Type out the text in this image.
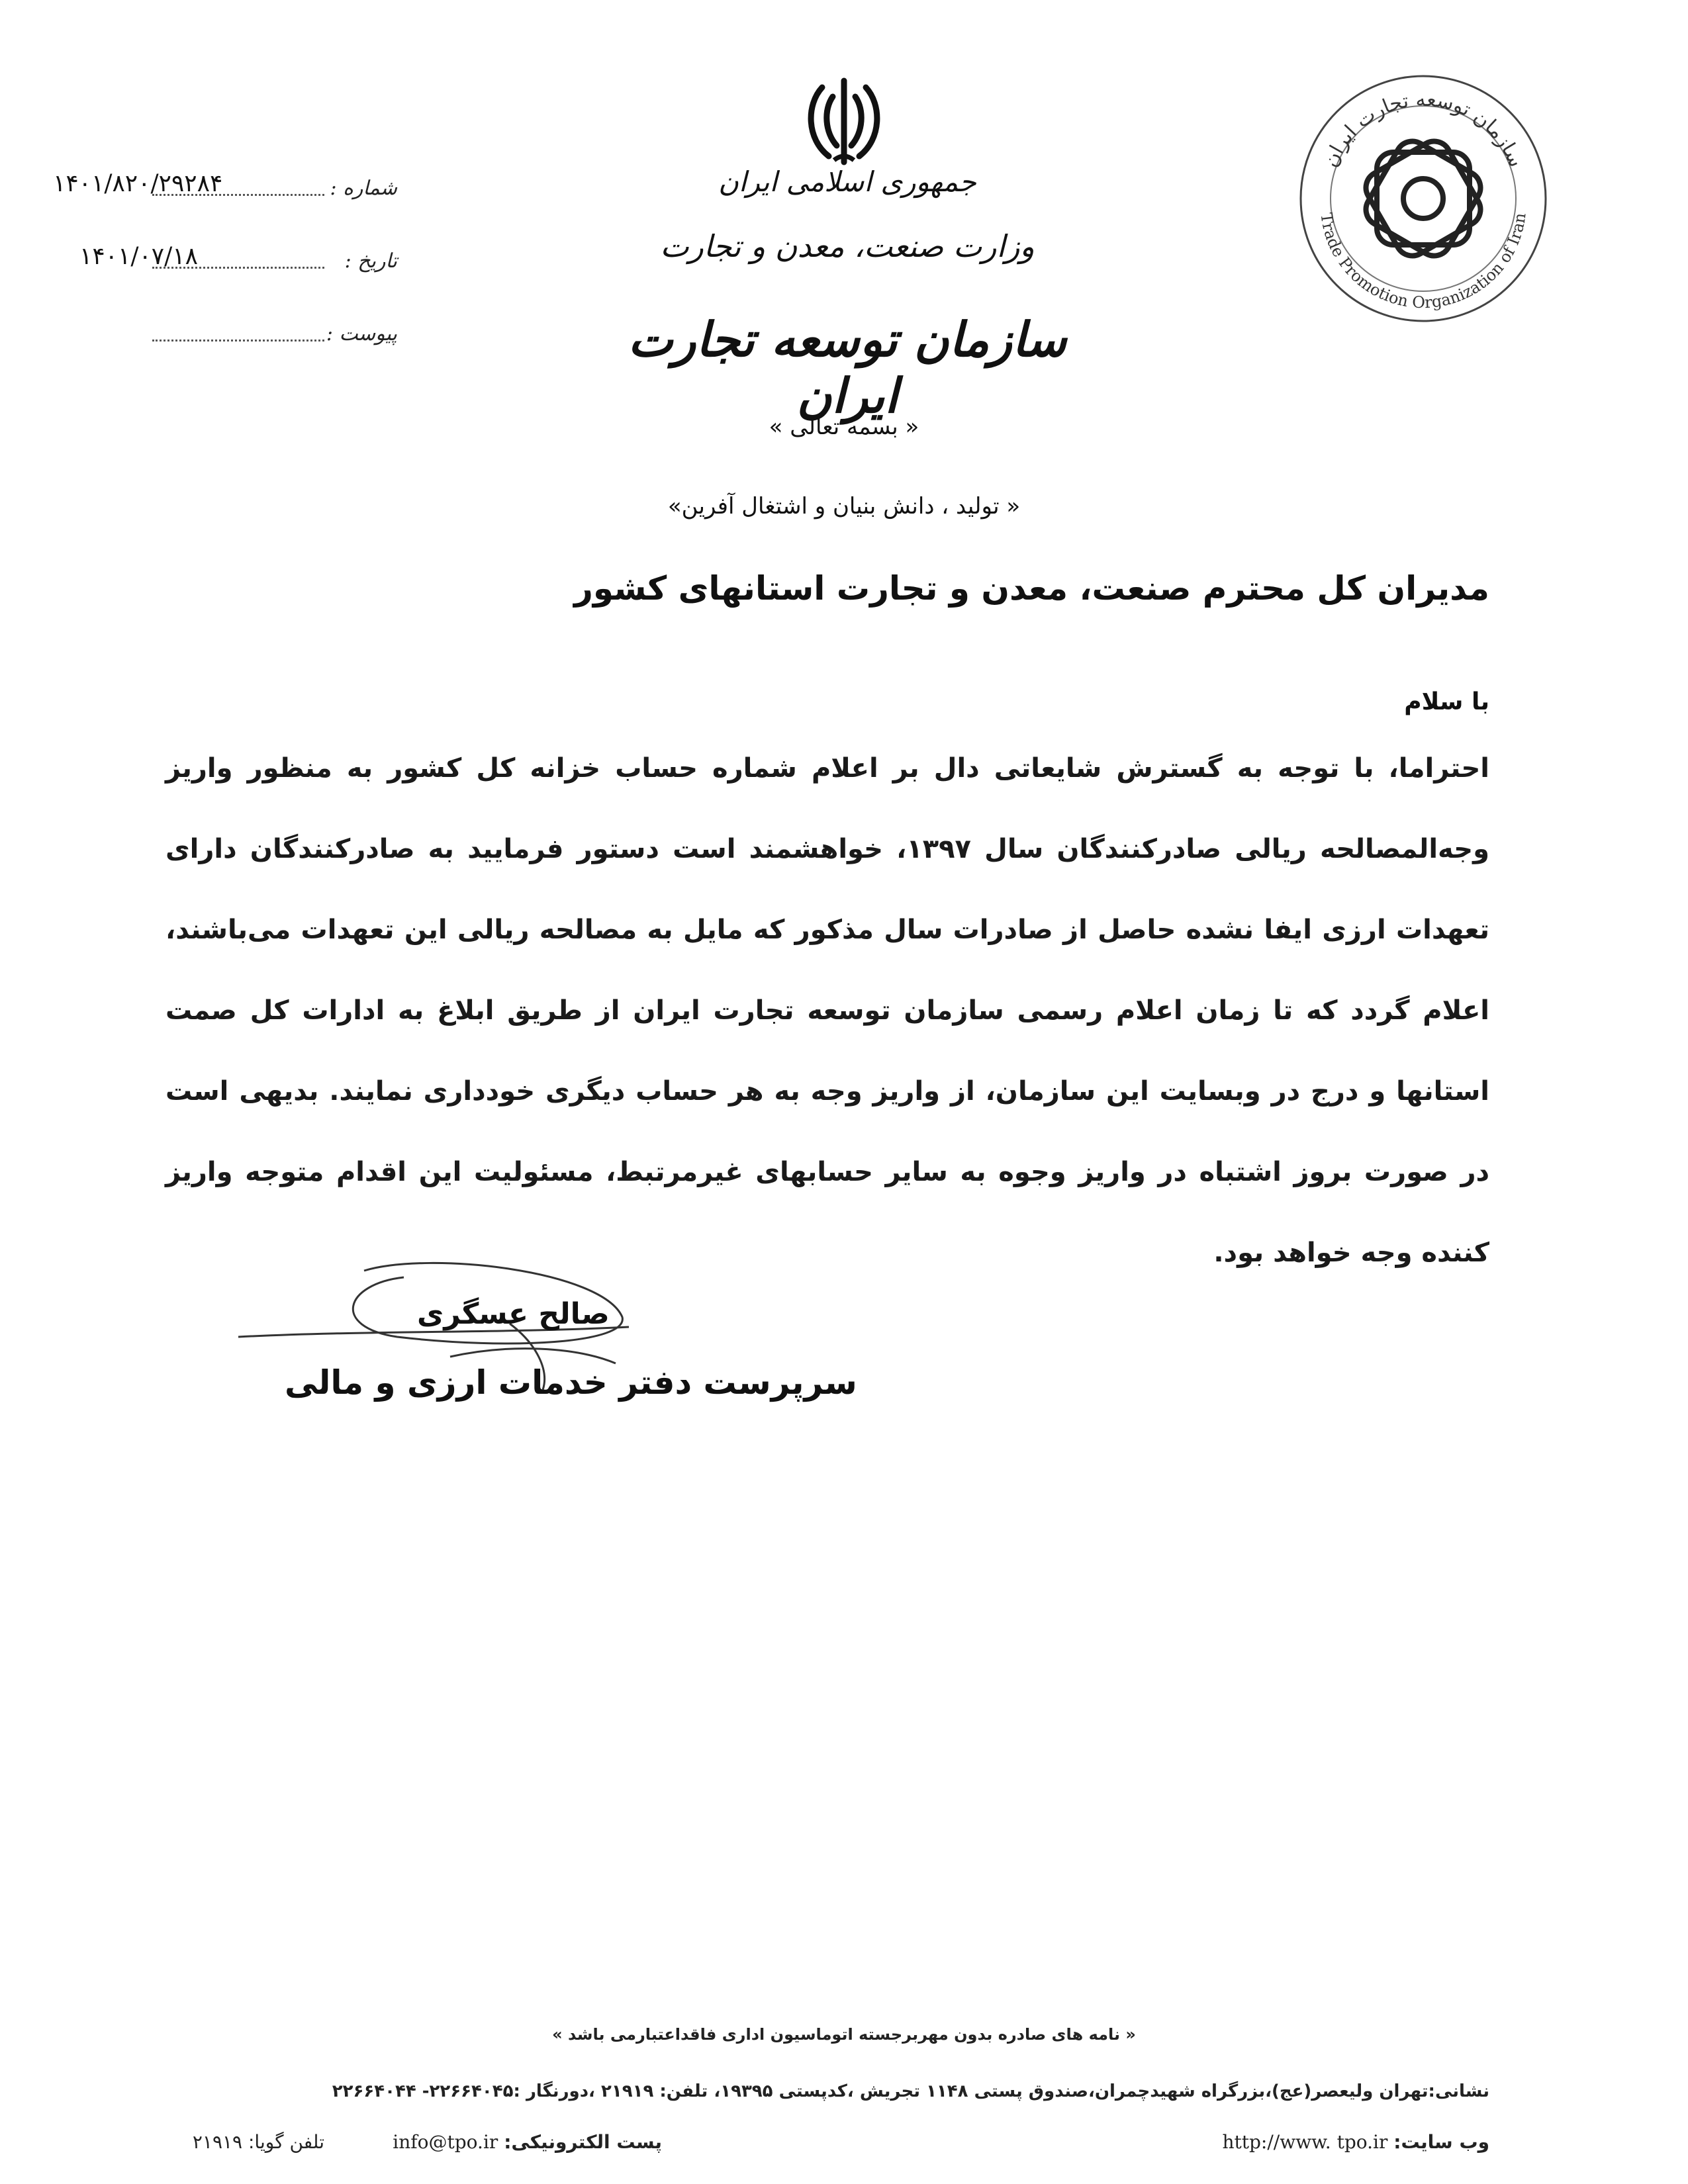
۱۴۰۱/۸۲۰/۲۹۲۸۴	شماره :
۱۴۰۱/۰۷/۱۸	تاریخ :
پیوست :
جمهوری اسلامی ایران
وزارت صنعت، معدن و تجارت
سازمان توسعه تجارت ایران
سازمان توسعه تجارت ایران
Trade Promotion Organization of Iran
« بسمه تعالی »
« تولید ، دانش بنیان و اشتغال آفرین»
مدیران کل محترم صنعت، معدن و تجارت استانهای کشور
با سلام
احتراما، با توجه به گسترش شایعاتی دال بر اعلام شماره حساب خزانه کل کشور به منظور واریز وجه‌المصالحه ریالی صادرکنندگان سال ۱۳۹۷، خواهشمند است دستور فرمایید به صادرکنندگان دارای تعهدات ارزی ایفا نشده حاصل از صادرات سال مذکور که مایل به مصالحه ریالی این تعهدات می‌باشند، اعلام گردد که تا زمان اعلام رسمی سازمان توسعه تجارت ایران از طریق ابلاغ به ادارات کل صمت استانها و درج در وبسایت این سازمان، از واریز وجه به هر حساب دیگری خودداری نمایند. بدیهی است در صورت بروز اشتباه در واریز وجوه به سایر حسابهای غیرمرتبط، مسئولیت این اقدام متوجه واریز کننده وجه خواهد بود.
صالح عسگری
سرپرست دفتر خدمات ارزی و مالی
« نامه های صادره بدون مهربرجسته اتوماسیون اداری فاقداعتبارمی باشد »
نشانی:تهران ولیعصر(عج)،بزرگراه شهیدچمران،صندوق پستی ۱۱۴۸ تجریش ،کدپستی ۱۹۳۹۵، تلفن: ۲۱۹۱۹ ،دورنگار :۲۲۶۶۴۰۴۵- ۲۲۶۶۴۰۴۴
وب سایت: http://www. tpo.ir
پست الکترونیکی: info@tpo.ir
تلفن گویا: ۲۱۹۱۹
